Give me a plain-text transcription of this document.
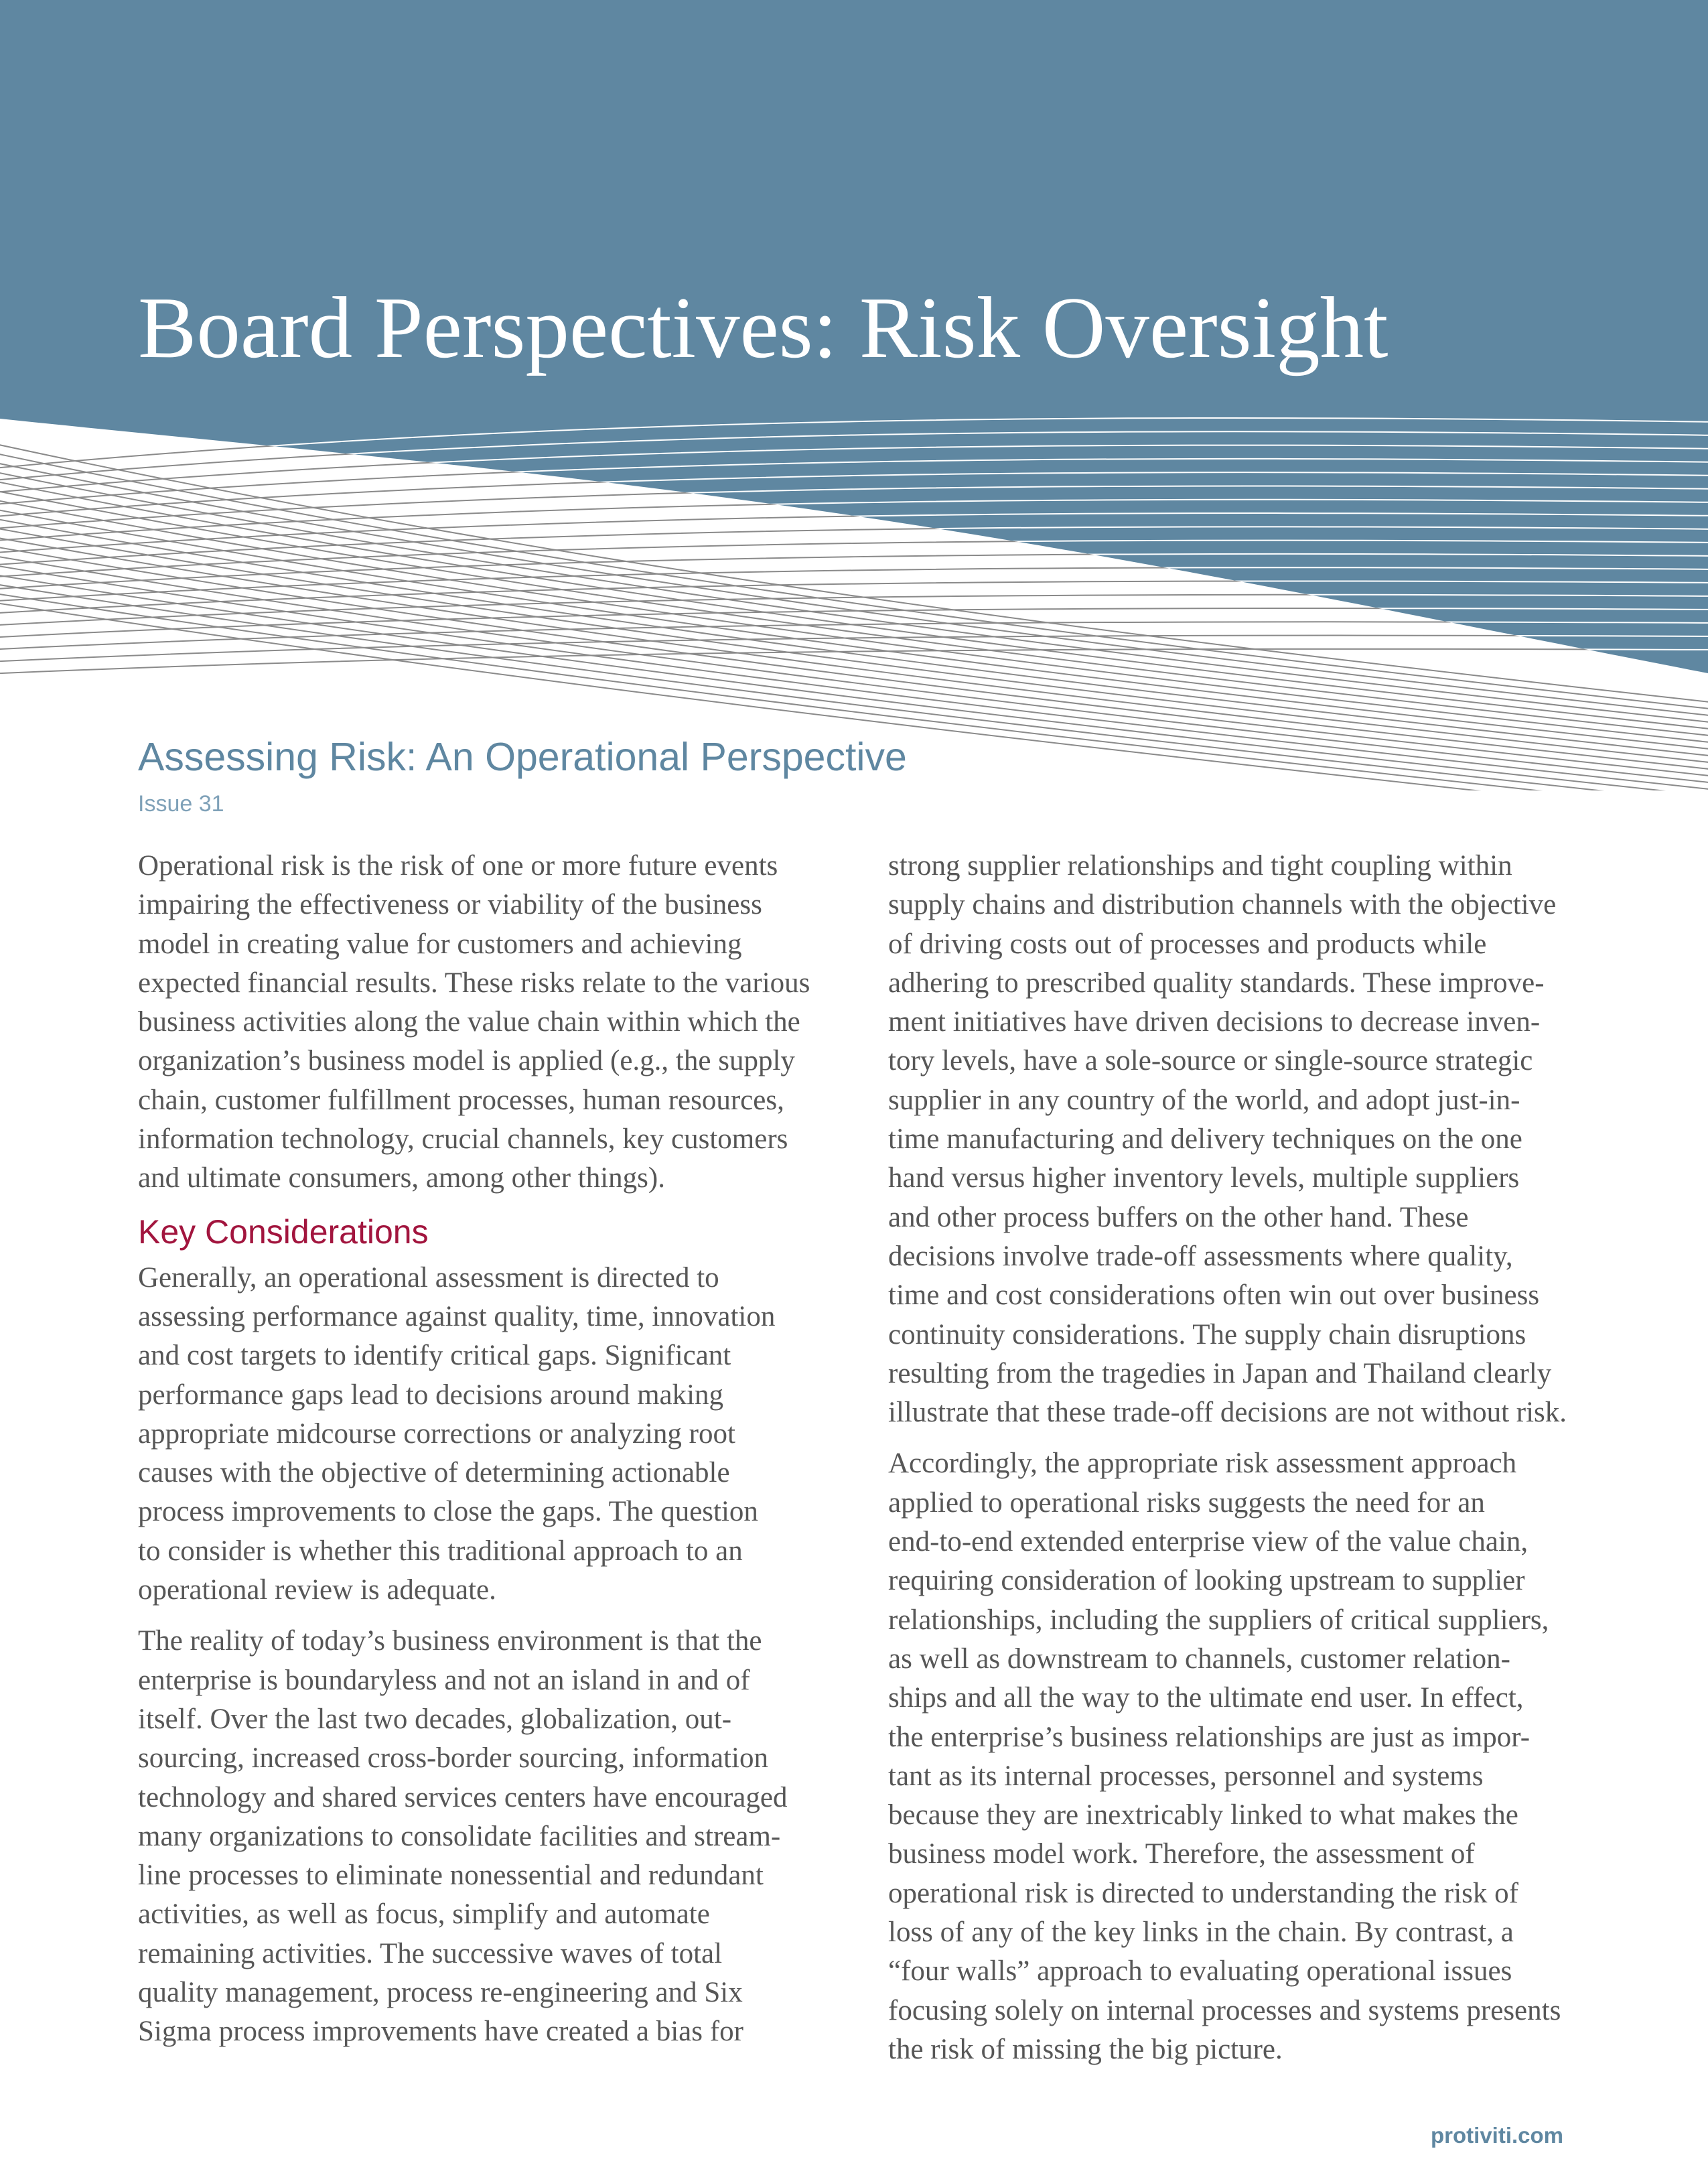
Board Perspectives: Risk Oversight
Assessing Risk: An Operational Perspective

Issue 31

Operational risk is the risk of one or more future events
impairing the effectiveness or viability of the business
model in creating value for customers and achieving
expected financial results. These risks relate to the various
business activities along the value chain within which the
organization’s business model is applied (e.g., the supply
chain, customer fulfillment processes, human resources,
information technology, crucial channels, key customers
and ultimate consumers, among other things).
Key Considerations
Generally, an operational assessment is directed to
assessing performance against quality, time, innovation
and cost targets to identify critical gaps. Significant
performance gaps lead to decisions around making
appropriate midcourse corrections or analyzing root
causes with the objective of determining actionable
process improvements to close the gaps. The question
to consider is whether this traditional approach to an
operational review is adequate.
The reality of today’s business environment is that the
enterprise is boundaryless and not an island in and of
itself. Over the last two decades, globalization, out-
sourcing, increased cross-border sourcing, information
technology and shared services centers have encouraged
many organizations to consolidate facilities and stream-
line processes to eliminate nonessential and redundant
activities, as well as focus, simplify and automate
remaining activities. The successive waves of total
quality management, process re-engineering and Six
Sigma process improvements have created a bias for
strong supplier relationships and tight coupling within
supply chains and distribution channels with the objective
of driving costs out of processes and products while
adhering to prescribed quality standards. These improve-
ment initiatives have driven decisions to decrease inven-
tory levels, have a sole-source or single-source strategic
supplier in any country of the world, and adopt just-in-
time manufacturing and delivery techniques on the one
hand versus higher inventory levels, multiple suppliers
and other process buffers on the other hand. These
decisions involve trade-off assessments where quality,
time and cost considerations often win out over business
continuity considerations. The supply chain disruptions
resulting from the tragedies in Japan and Thailand clearly
illustrate that these trade-off decisions are not without risk.
Accordingly, the appropriate risk assessment approach
applied to operational risks suggests the need for an
end-to-end extended enterprise view of the value chain,
requiring consideration of looking upstream to supplier
relationships, including the suppliers of critical suppliers,
as well as downstream to channels, customer relation-
ships and all the way to the ultimate end user. In effect,
the enterprise’s business relationships are just as impor-
tant as its internal processes, personnel and systems
because they are inextricably linked to what makes the
business model work. Therefore, the assessment of
operational risk is directed to understanding the risk of
loss of any of the key links in the chain. By contrast, a
“four walls” approach to evaluating operational issues
focusing solely on internal processes and systems presents
the risk of missing the big picture.
protiviti.com
